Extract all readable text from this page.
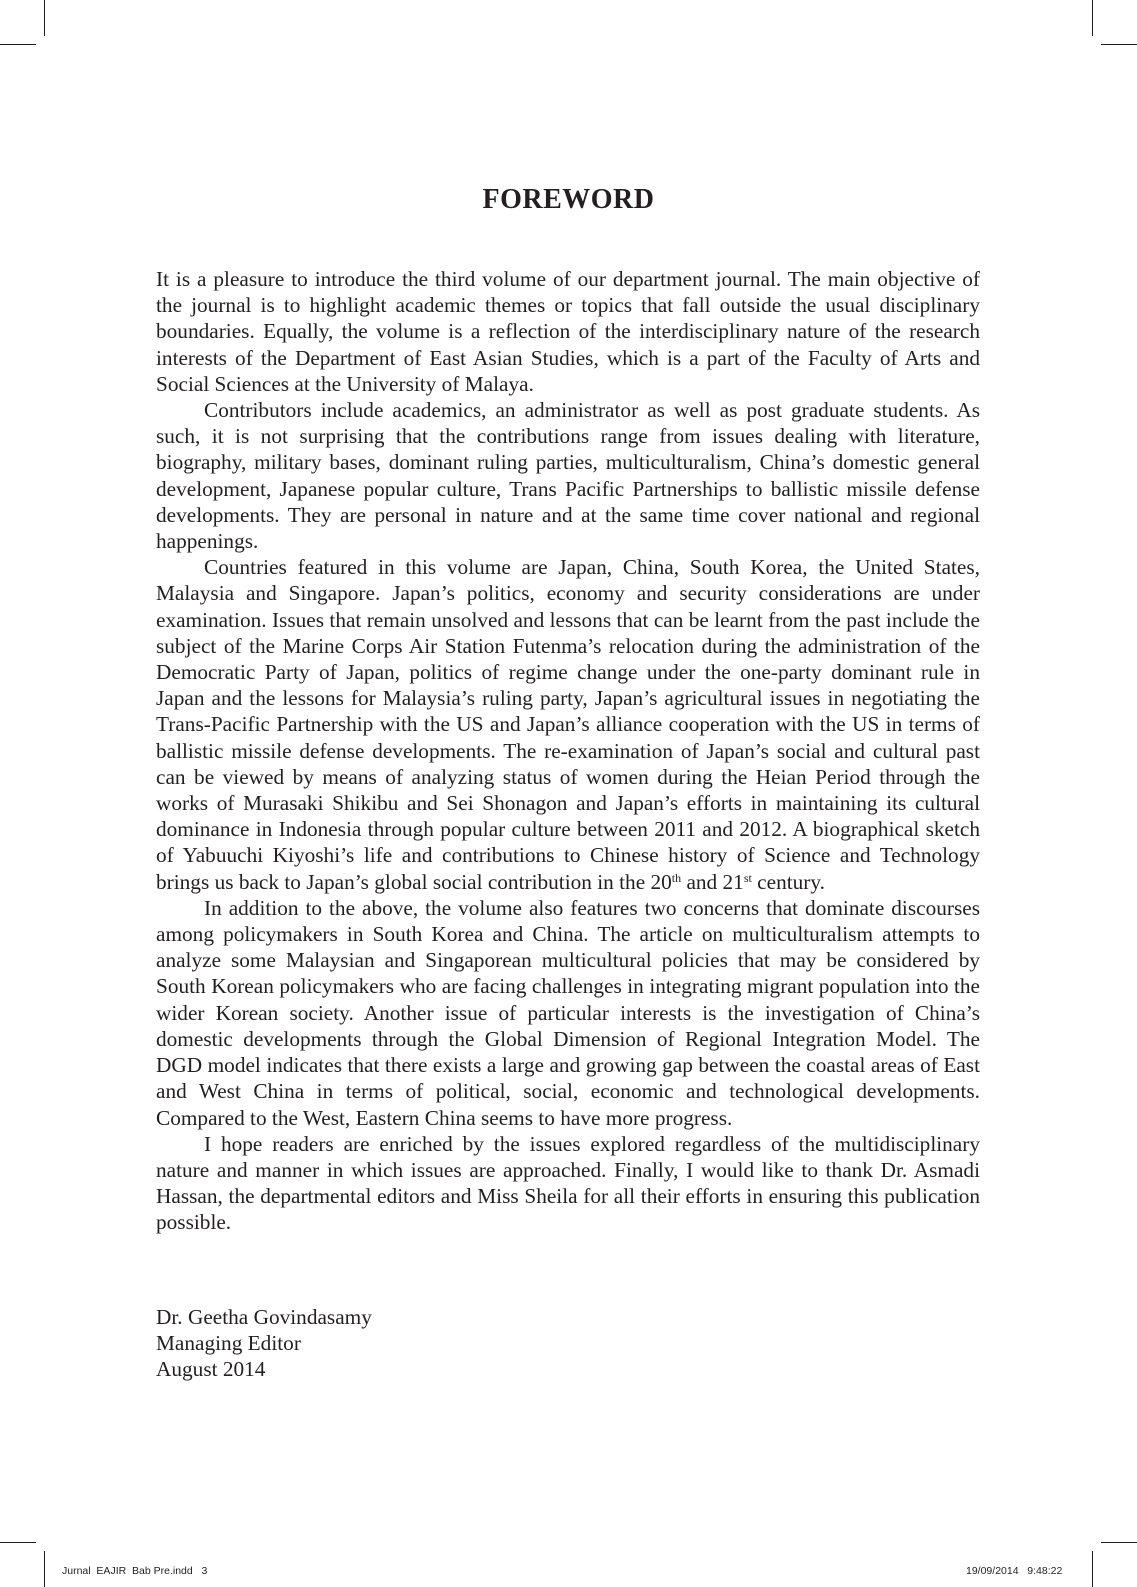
FOREWORD

It is a pleasure to introduce the third volume of our department journal. The main objective of the journal is to highlight academic themes or topics that fall outside the usual disciplinary boundaries. Equally, the volume is a reflection of the interdisciplinary nature of the research interests of the Department of East Asian Studies, which is a part of the Faculty of Arts and Social Sciences at the University of Malaya.

Contributors include academics, an administrator as well as post graduate students. As such, it is not surprising that the contributions range from issues dealing with literature, biography, military bases, dominant ruling parties, multiculturalism, China’s domestic general development, Japanese popular culture, Trans Pacific Partnerships to ballistic missile defense developments. They are personal in nature and at the same time cover national and regional happenings.

Countries featured in this volume are Japan, China, South Korea, the United States, Malaysia and Singapore. Japan’s politics, economy and security considerations are under examination. Issues that remain unsolved and lessons that can be learnt from the past include the subject of the Marine Corps Air Station Futenma’s relocation during the administration of the Democratic Party of Japan, politics of regime change under the one-party dominant rule in Japan and the lessons for Malaysia’s ruling party, Japan’s agricultural issues in negotiating the Trans-Pacific Partnership with the US and Japan’s alliance cooperation with the US in terms of ballistic missile defense developments. The re-examination of Japan’s social and cultural past can be viewed by means of analyzing status of women during the Heian Period through the works of Murasaki Shikibu and Sei Shonagon and Japan’s efforts in maintaining its cultural dominance in Indonesia through popular culture between 2011 and 2012. A biographical sketch of Yabuuchi Kiyoshi’s life and contributions to Chinese history of Science and Technology brings us back to Japan’s global social contribution in the 20th and 21st century.

In addition to the above, the volume also features two concerns that dominate discourses among policymakers in South Korea and China. The article on multiculturalism attempts to analyze some Malaysian and Singaporean multicultural policies that may be considered by South Korean policymakers who are facing challenges in integrating migrant population into the wider Korean society. Another issue of particular interests is the investigation of China’s domestic developments through the Global Dimension of Regional Integration Model. The DGD model indicates that there exists a large and growing gap between the coastal areas of East and West China in terms of political, social, economic and technological developments. Compared to the West, Eastern China seems to have more progress.

I hope readers are enriched by the issues explored regardless of the multidisciplinary nature and manner in which issues are approached. Finally, I would like to thank Dr. Asmadi Hassan, the departmental editors and Miss Sheila for all their efforts in ensuring this publication possible.

Dr. Geetha Govindasamy
Managing Editor
August 2014
Jurnal  EAJIR  Bab Pre.indd   3	19/09/2014   9:48:22
